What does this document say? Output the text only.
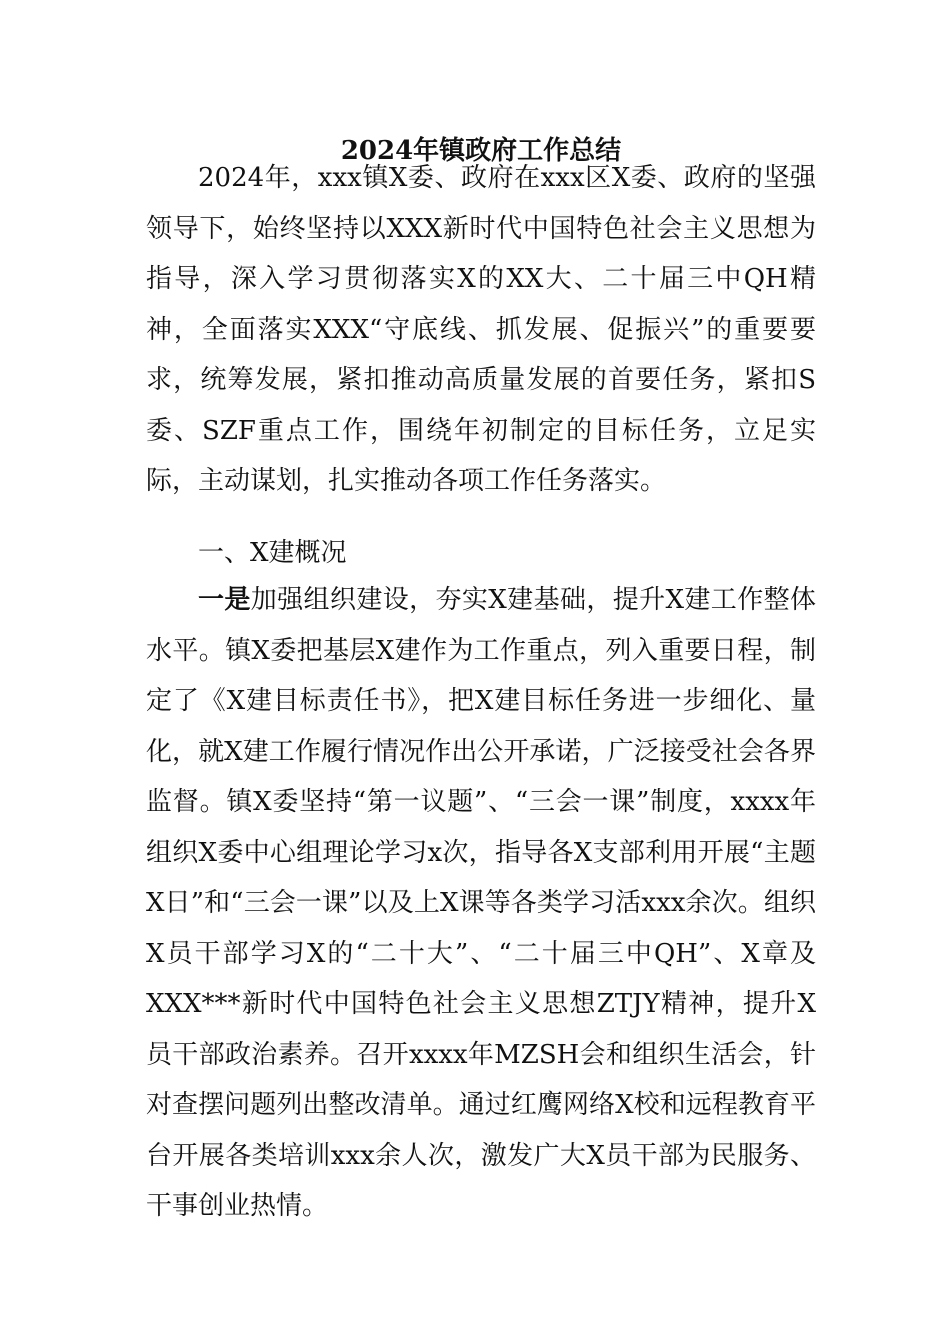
2024年镇政府工作总结

2024年，xxx镇X委、政府在xxx区X委、政府的坚强领导下，始终坚持以XXX新时代中国特色社会主义思想为指导，深入学习贯彻落实X的XX大、二十届三中QH精神，全面落实XXX“守底线、抓发展、促振兴”的重要要求，统筹发展，紧扣推动高质量发展的首要任务，紧扣S委、SZF重点工作，围绕年初制定的目标任务，立足实际，主动谋划，扎实推动各项工作任务落实。

一、X建概况

一是加强组织建设，夯实X建基础，提升X建工作整体水平。镇X委把基层X建作为工作重点，列入重要日程，制定了《X建目标责任书》，把X建目标任务进一步细化、量化，就X建工作履行情况作出公开承诺，广泛接受社会各界监督。镇X委坚持“第一议题”、“三会一课”制度，xxxx年组织X委中心组理论学习x次，指导各X支部利用开展“主题X日”和“三会一课”以及上X课等各类学习活xxx余次。组织X员干部学习X的“二十大”、“二十届三中QH”、X章及XXX***新时代中国特色社会主义思想ZTJY精神，提升X员干部政治素养。召开xxxx年MZSH会和组织生活会，针对查摆问题列出整改清单。通过红鹰网络X校和远程教育平台开展各类培训xxx余人次，激发广大X员干部为民服务、干事创业热情。
